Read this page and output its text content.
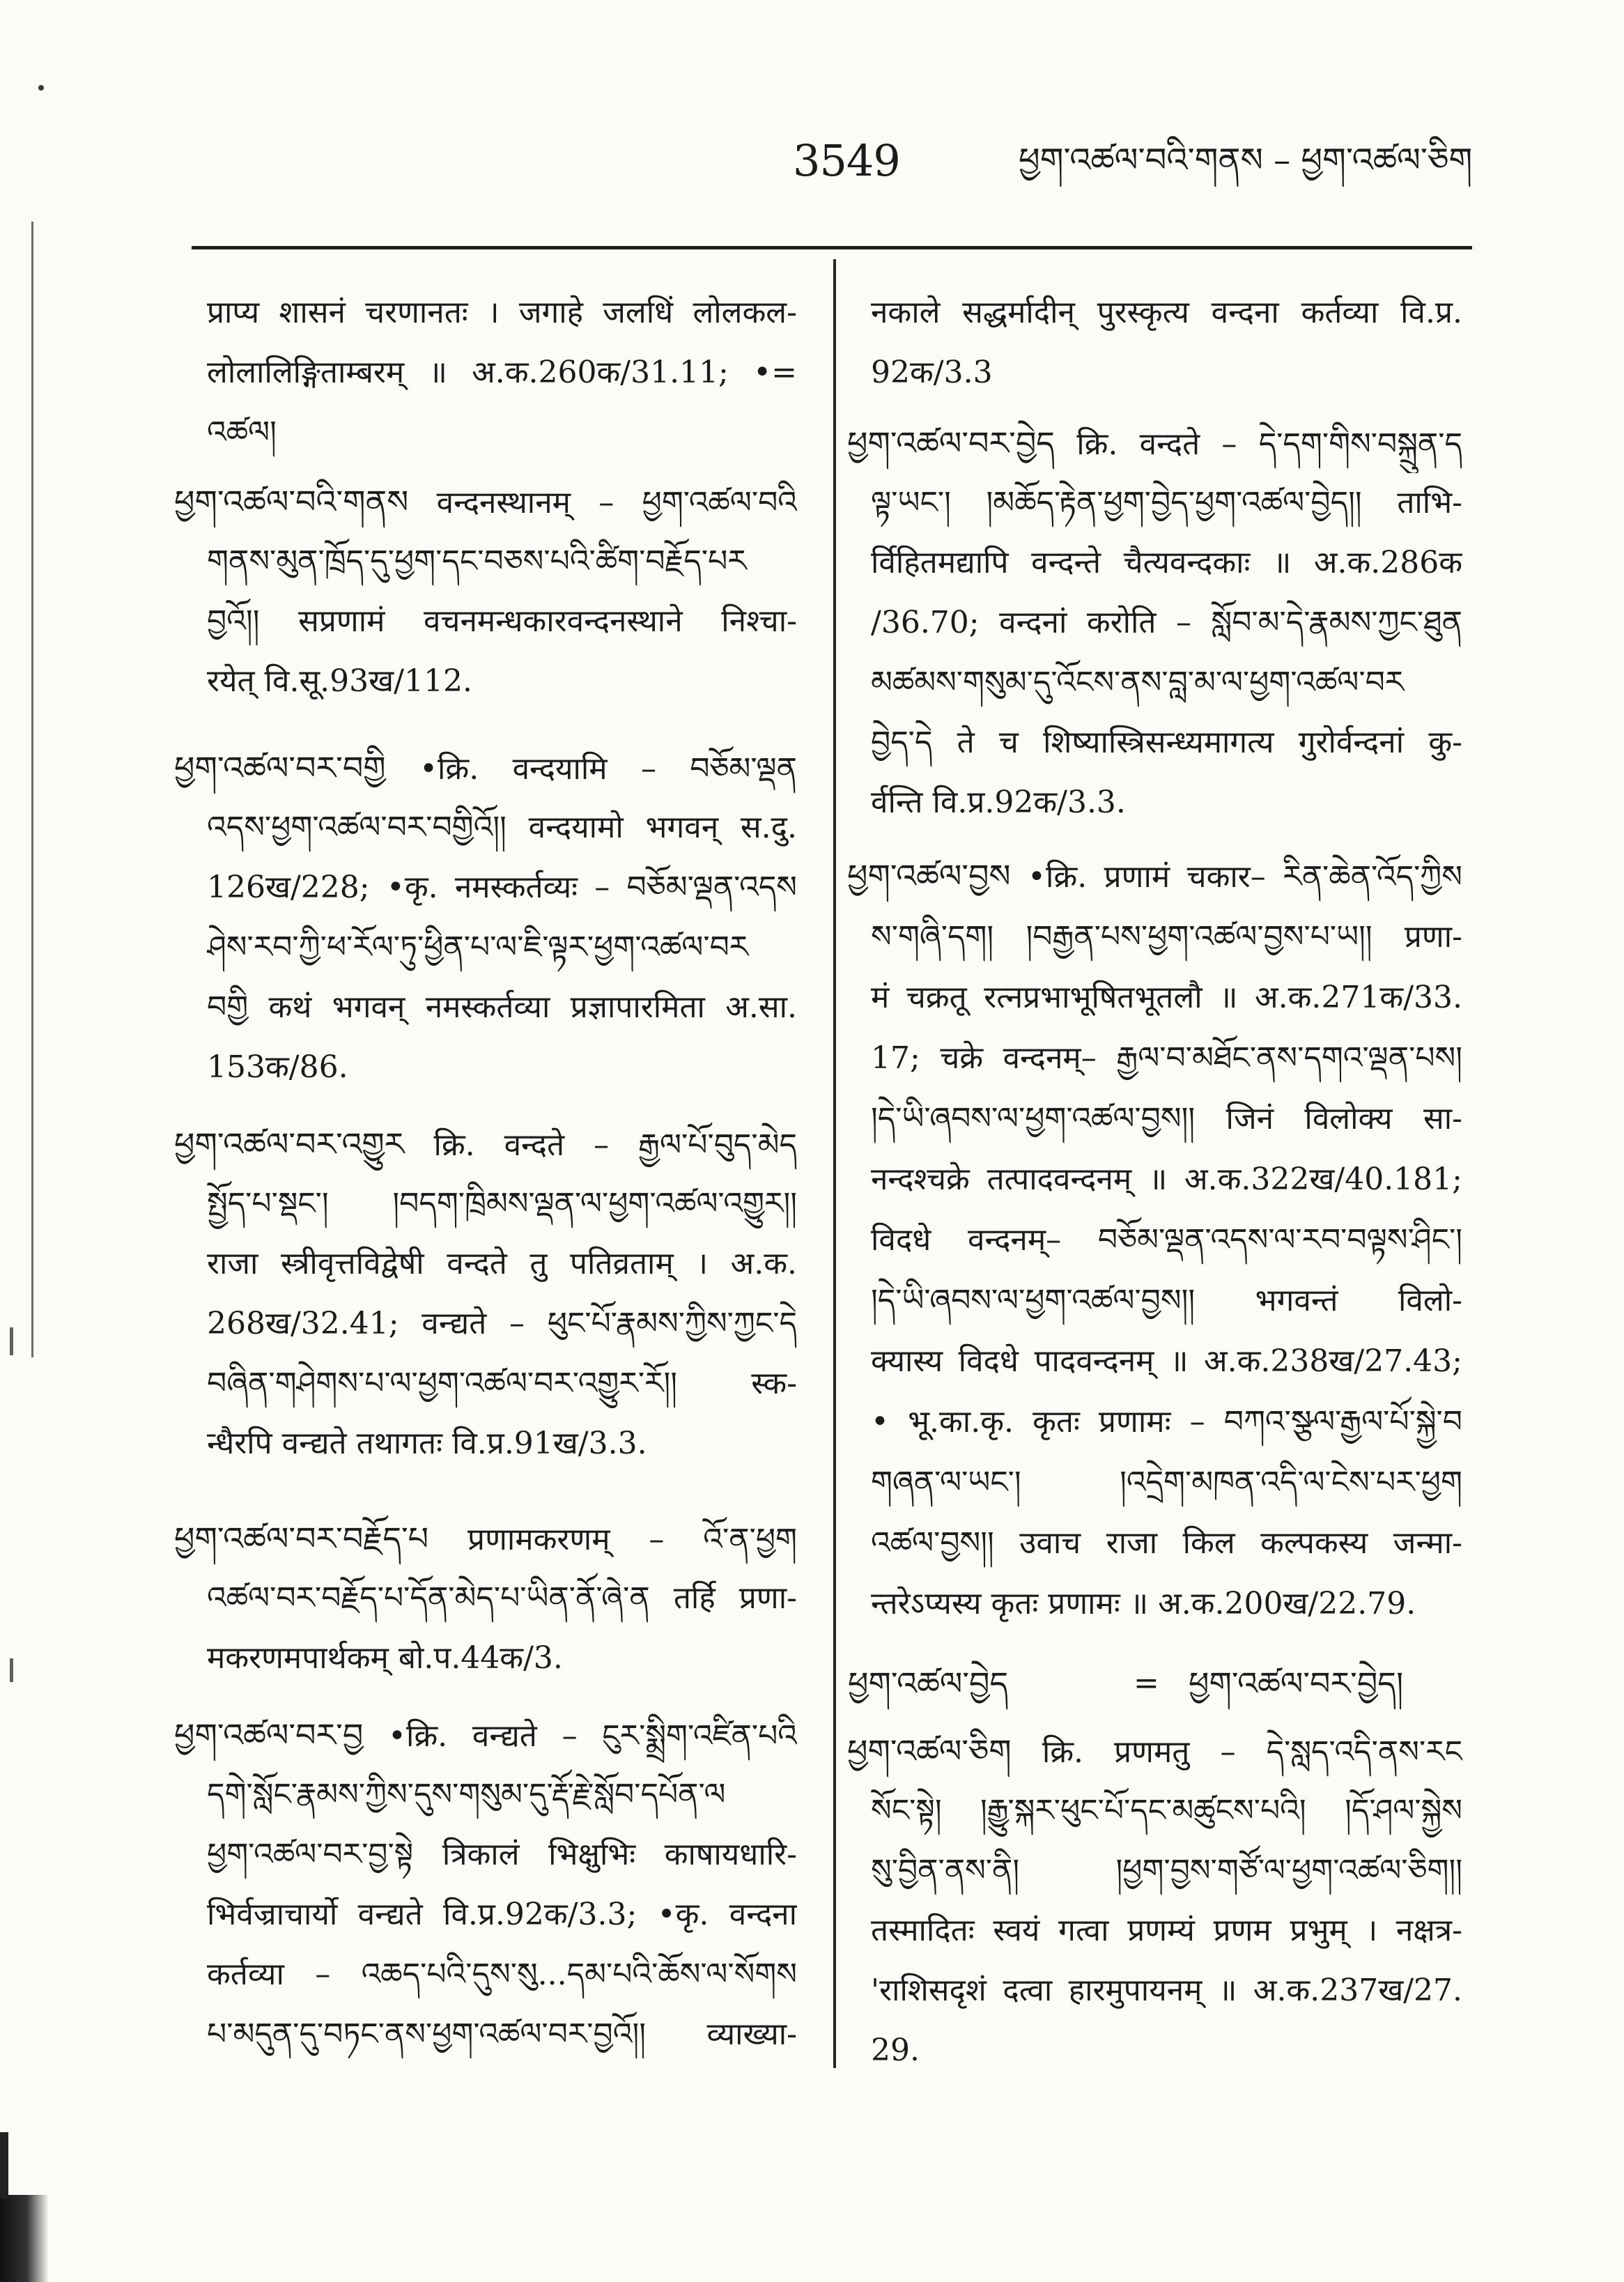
3549	ཕྱག་འཚལ་བའི་གནས – ཕྱག་འཚལ་ཅིག
प्राप्य शासनं चरणानतः । जगाहे जलधिं लोलकल-
लोलालिङ्गिताम्बरम् ॥ अ.क.260क/31.11; •=
འཚལ།
ཕྱག་འཚལ་བའི་གནས वन्दनस्थानम् – ཕྱག་འཚལ་བའི
གནས་མུན་ཁྲོད་དུ་ཕྱག་དང་བཅས་པའི་ཚིག་བརྗོད་པར
བྱའོ།། सप्रणामं वचनमन्धकारवन्दनस्थाने निश्चा-
रयेत् वि.सू.93ख/112.
ཕྱག་འཚལ་བར་བགྱི •क्रि. वन्दयामि – བཅོམ་ལྡན
འདས་ཕྱག་འཚལ་བར་བགྱིའོ།། वन्दयामो भगवन् स.दु.
126ख/228; •कृ. नमस्कर्तव्यः – བཅོམ་ལྡན་འདས
ཤེས་རབ་ཀྱི་ཕ་རོལ་ཏུ་ཕྱིན་པ་ལ་ཇི་ལྟར་ཕྱག་འཚལ་བར
བགྱི कथं भगवन् नमस्कर्तव्या प्रज्ञापारमिता अ.सा.
153क/86.
ཕྱག་འཚལ་བར་འགྱུར क्रि. वन्दते – རྒྱལ་པོ་བུད་མེད
སྤྱོད་པ་སྡང་། །བདག་ཁྲིམས་ལྡན་ལ་ཕྱག་འཚལ་འགྱུར།།
राजा स्त्रीवृत्तविद्वेषी वन्दते तु पतिव्रताम् । अ.क.
268ख/32.41; वन्द्यते – ཕུང་པོ་རྣམས་ཀྱིས་ཀྱང་དེ
བཞིན་གཤེགས་པ་ལ་ཕྱག་འཚལ་བར་འགྱུར་རོ།། स्क-
न्धैरपि वन्द्यते तथागतः वि.प्र.91ख/3.3.
ཕྱག་འཚལ་བར་བརྗོད་པ प्रणामकरणम् – འོ་ན་ཕྱག
འཚལ་བར་བརྗོད་པ་དོན་མེད་པ་ཡིན་ནོ་ཞེ་ན तर्हि प्रणा-
मकरणमपार्थकम् बो.प.44क/3.
ཕྱག་འཚལ་བར་བྱ •क्रि. वन्द्यते – ངུར་སྨྲིག་འཛིན་པའི
དགེ་སློང་རྣམས་ཀྱིས་དུས་གསུམ་དུ་རྡོ་རྗེ་སློབ་དཔོན་ལ
ཕྱག་འཚལ་བར་བྱ་སྟེ त्रिकालं भिक्षुभिः काषायधारि-
भिर्वज्राचार्यो वन्द्यते वि.प्र.92क/3.3; •कृ. वन्दना
कर्तव्या – འཆད་པའི་དུས་སུ...དམ་པའི་ཆོས་ལ་སོགས
པ་མདུན་དུ་བཏང་ནས་ཕྱག་འཚལ་བར་བྱའོ།། व्याख्या-
नकाले सद्धर्मादीन् पुरस्कृत्य वन्दना कर्तव्या वि.प्र.
92क/3.3
ཕྱག་འཚལ་བར་བྱེད क्रि. वन्दते – དེ་དག་གིས་བསྐྲུན་ད
ལྟ་ཡང་། །མཆོད་རྟེན་ཕྱག་བྱེད་ཕྱག་འཚལ་བྱེད།། ताभि-
र्विहितमद्यापि वन्दन्ते चैत्यवन्दकाः ॥ अ.क.286क
/36.70; वन्दनां करोति – སློབ་མ་དེ་རྣམས་ཀྱང་ཐུན
མཚམས་གསུམ་དུ་འོངས་ནས་བླ་མ་ལ་ཕྱག་འཚལ་བར
བྱེད་དེ ते च शिष्यास्त्रिसन्ध्यमागत्य गुरोर्वन्दनां कु-
र्वन्ति वि.प्र.92क/3.3.
ཕྱག་འཚལ་བྱས •क्रि. प्रणामं चकार– རིན་ཆེན་འོད་ཀྱིས
ས་གཞི་དག། །བརྒྱན་པས་ཕྱག་འཚལ་བྱས་པ་ཡ།། प्रणा-
मं चक्रतू रत्नप्रभाभूषितभूतलौ ॥ अ.क.271क/33.
17; चक्रे वन्दनम्– རྒྱལ་བ་མཐོང་ནས་དགའ་ལྡན་པས།
།དེ་ཡི་ཞབས་ལ་ཕྱག་འཚལ་བྱས།། जिनं विलोक्य सा-
नन्दश्चक्रे तत्पादवन्दनम् ॥ अ.क.322ख/40.181;
विदधे वन्दनम्– བཅོམ་ལྡན་འདས་ལ་རབ་བལྟས་ཤིང་།
།དེ་ཡི་ཞབས་ལ་ཕྱག་འཚལ་བྱས།། भगवन्तं विलो-
क्यास्य विदधे पादवन्दनम् ॥ अ.क.238ख/27.43;
• भू.का.कृ. कृतः प्रणामः – བཀའ་སྩལ་རྒྱལ་པོ་སྐྱེ་བ
གཞན་ལ་ཡང་། །འདྲེག་མཁན་འདི་ལ་ངེས་པར་ཕྱག
འཚལ་བྱས།། उवाच राजा किल कल्पकस्य जन्मा-
न्तरेऽप्यस्य कृतः प्रणामः ॥ अ.क.200ख/22.79.
ཕྱག་འཚལ་བྱེད	= ཕྱག་འཚལ་བར་བྱེད།
ཕྱག་འཚལ་ཅིག क्रि. प्रणमतु – དེ་སླད་འདི་ནས་རང
སོང་སྟེ། །རྒྱུ་སྐར་ཕུང་པོ་དང་མཚུངས་པའི། །དོ་ཤལ་སྐྱེས
སུ་བྱིན་ནས་ནི། །ཕྱག་བྱས་གཙོ་ལ་ཕྱག་འཚལ་ཅིག།།
तस्मादितः स्वयं गत्वा प्रणम्यं प्रणम प्रभुम् । नक्षत्र-
'राशिसदृशं दत्वा हारमुपायनम् ॥ अ.क.237ख/27.
29.
